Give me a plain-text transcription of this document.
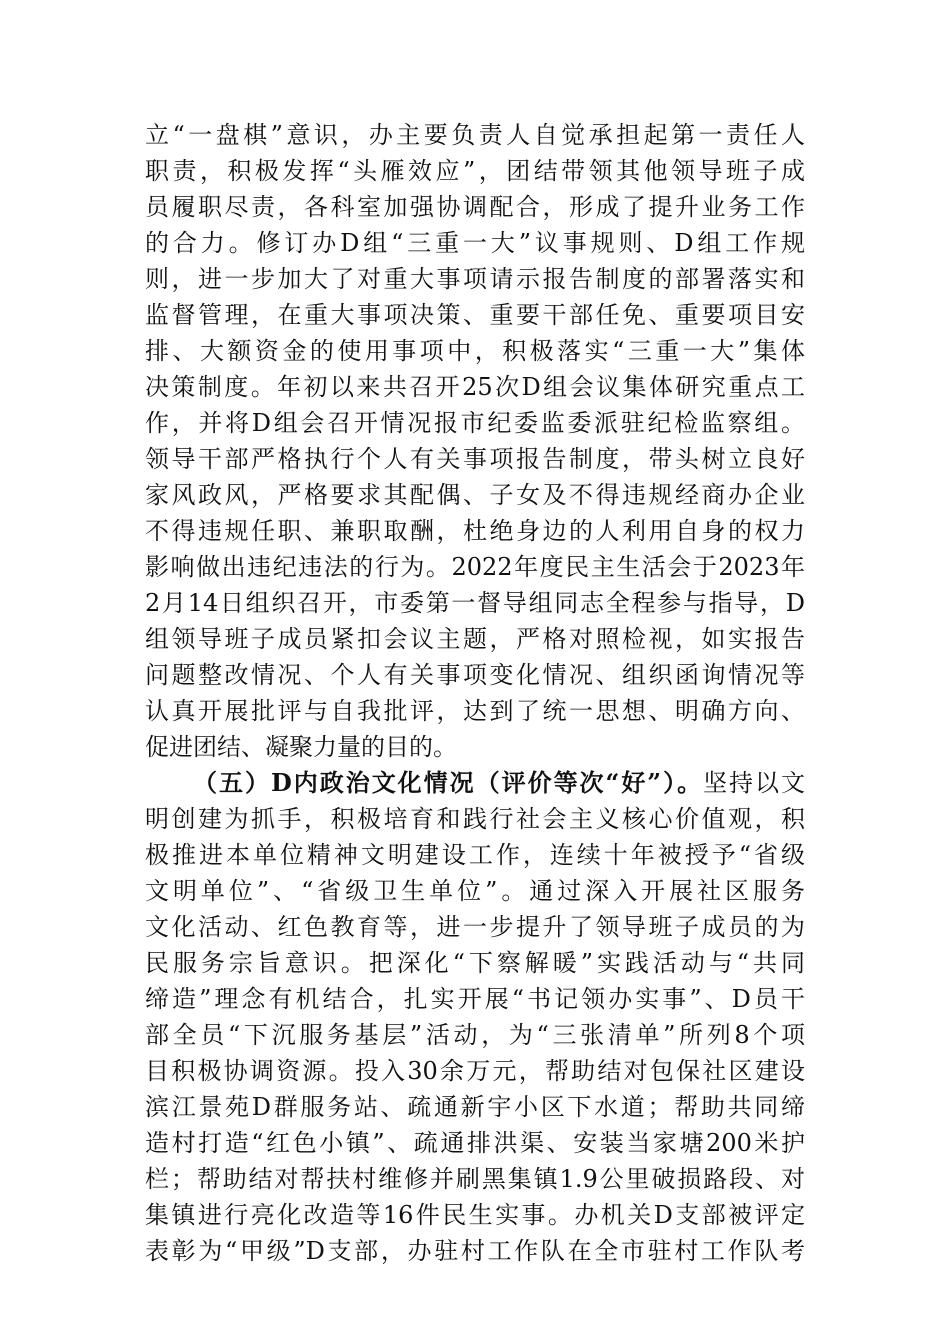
立“一盘棋”意识，办主要负责人自觉承担起第一责任人
职责，积极发挥“头雁效应”，团结带领其他领导班子成
员履职尽责，各科室加强协调配合，形成了提升业务工作
的合力。修订办D组“三重一大”议事规则、D组工作规
则，进一步加大了对重大事项请示报告制度的部署落实和
监督管理，在重大事项决策、重要干部任免、重要项目安
排、大额资金的使用事项中，积极落实“三重一大”集体
决策制度。年初以来共召开25次D组会议集体研究重点工
作，并将D组会召开情况报市纪委监委派驻纪检监察组。
领导干部严格执行个人有关事项报告制度，带头树立良好
家风政风，严格要求其配偶、子女及不得违规经商办企业
不得违规任职、兼职取酬，杜绝身边的人利用自身的权力
影响做出违纪违法的行为。2022年度民主生活会于2023年
2月14日组织召开，市委第一督导组同志全程参与指导，D
组领导班子成员紧扣会议主题，严格对照检视，如实报告
问题整改情况、个人有关事项变化情况、组织函询情况等
认真开展批评与自我批评，达到了统一思想、明确方向、
促进团结、凝聚力量的目的。
（五）D内政治文化情况（评价等次“好”）。坚持以文
明创建为抓手，积极培育和践行社会主义核心价值观，积
极推进本单位精神文明建设工作，连续十年被授予“省级
文明单位”、“省级卫生单位”。通过深入开展社区服务
文化活动、红色教育等，进一步提升了领导班子成员的为
民服务宗旨意识。把深化“下察解暖”实践活动与“共同
缔造”理念有机结合，扎实开展“书记领办实事”、D员干
部全员“下沉服务基层”活动，为“三张清单”所列8个项
目积极协调资源。投入30余万元，帮助结对包保社区建设
滨江景苑D群服务站、疏通新宇小区下水道；帮助共同缔
造村打造“红色小镇”、疏通排洪渠、安装当家塘200米护
栏；帮助结对帮扶村维修并刷黑集镇1.9公里破损路段、对
集镇进行亮化改造等16件民生实事。办机关D支部被评定
表彰为“甲级”D支部，办驻村工作队在全市驻村工作队考
